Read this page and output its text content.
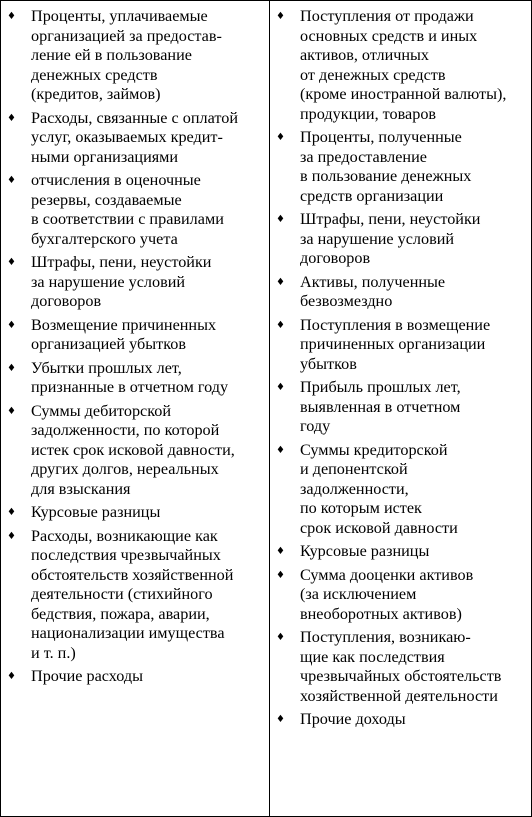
♦ Проценты, уплачиваемые
организацией за предостав-
ление ей в пользование
денежных средств
(кредитов, займов)
♦ Расходы, связанные с оплатой
услуг, оказываемых кредит-
ными организациями
♦ отчисления в оценочные
резервы, создаваемые
в соответствии с правилами
бухгалтерского учета
♦ Штрафы, пени, неустойки
за нарушение условий
договоров
♦ Возмещение причиненных
организацией убытков
♦ Убытки прошлых лет,
признанные в отчетном году
♦ Суммы дебиторской
задолженности, по которой
истек срок исковой давности,
других долгов, нереальных
для взыскания
♦ Курсовые разницы
♦ Расходы, возникающие как
последствия чрезвычайных
обстоятельств хозяйственной
деятельности (стихийного
бедствия, пожара, аварии,
национализации имущества
и т. п.)
♦ Прочие расходы
♦ Поступления от продажи
основных средств и иных
активов, отличных
от денежных средств
(кроме иностранной валюты),
продукции, товаров
♦ Проценты, полученные
за предоставление
в пользование денежных
средств организации
♦ Штрафы, пени, неустойки
за нарушение условий
договоров
♦ Активы, полученные
безвозмездно
♦ Поступления в возмещение
причиненных организации
убытков
♦ Прибыль прошлых лет,
выявленная в отчетном
году
♦ Суммы кредиторской
и депонентской
задолженности,
по которым истек
срок исковой давности
♦ Курсовые разницы
♦ Сумма дооценки активов
(за исключением
внеоборотных активов)
♦ Поступления, возникаю-
щие как последствия
чрезвычайных обстоятельств
хозяйственной деятельности
♦ Прочие доходы
